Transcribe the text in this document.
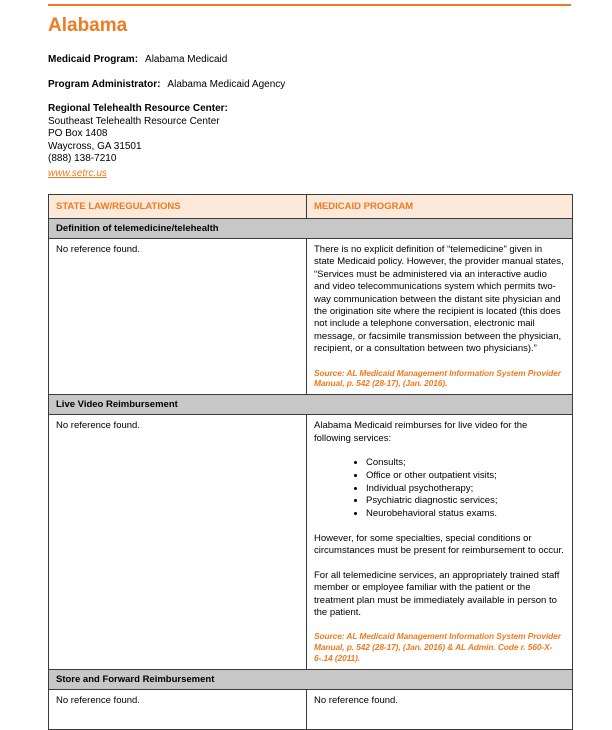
Alabama

Medicaid Program: Alabama Medicaid

Program Administrator: Alabama Medicaid Agency

Regional Telehealth Resource Center:

Southeast Telehealth Resource Center

PO Box 1408

Waycross, GA 31501

(888) 138-7210

www.setrc.us
STATE LAW/REGULATIONS	MEDICAID PROGRAM
Definition of telemedicine/telehealth	
No reference found.	There is no explicit definition of “telemedicine” given in state Medicaid policy. However, the provider manual states, “Services must be administered via an interactive audio and video telecommunications system which permits two-way communication between the distant site physician and the origination site where the recipient is located (this does not include a telephone conversation, electronic mail message, or facsimile transmission between the physician, recipient, or a consultation between two physicians).”

Source: AL Medicaid Management Information System Provider Manual, p. 542 (28-17), (Jan. 2016).

Live Video Reimbursement	
No reference found.	Alabama Medicaid reimburses for live video for the following services:

• Consults;
• Office or other outpatient visits;
• Individual psychotherapy;
• Psychiatric diagnostic services;
• Neurobehavioral status exams.

However, for some specialties, special conditions or circumstances must be present for reimbursement to occur.

For all telemedicine services, an appropriately trained staff member or employee familiar with the patient or the treatment plan must be immediately available in person to the patient.

Source: AL Medicaid Management Information System Provider Manual, p. 542 (28-17), (Jan. 2016) & AL Admin. Code r. 560-X-6-.14 (2011).

Store and Forward Reimbursement	
No reference found.	No reference found.
